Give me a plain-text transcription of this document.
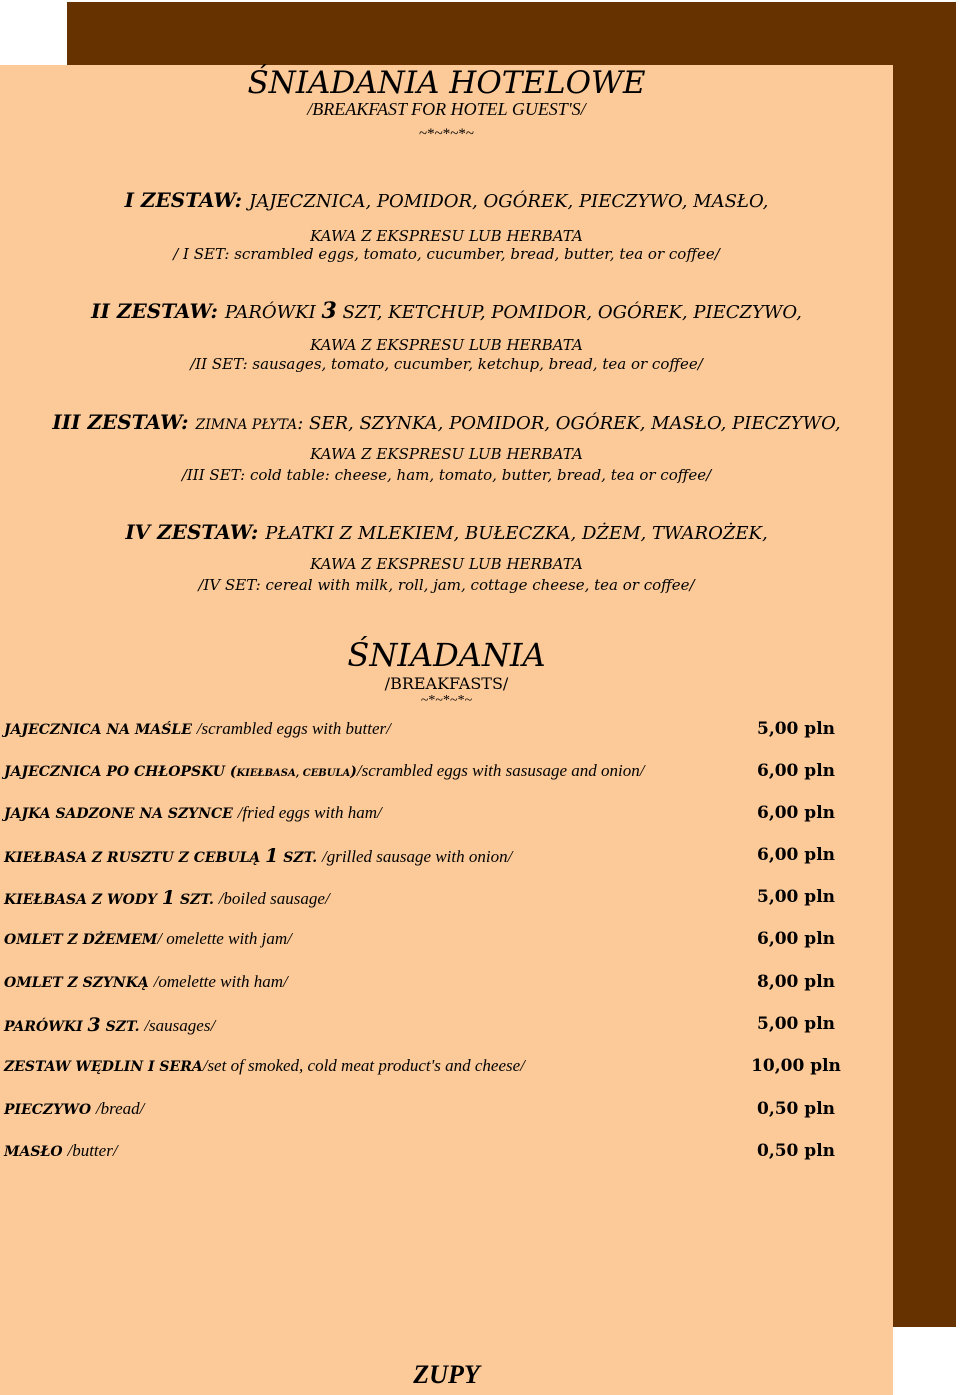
ŚNIADANIA HOTELOWE
/BREAKFAST FOR HOTEL GUEST'S/
~*~*~*~
I ZESTAW: JAJECZNICA, POMIDOR, OGÓREK, PIECZYWO, MASŁO,
KAWA Z EKSPRESU LUB HERBATA
/ I SET: scrambled eggs, tomato, cucumber, bread, butter, tea or coffee/
II ZESTAW: PARÓWKI 3 SZT, KETCHUP, POMIDOR, OGÓREK, PIECZYWO,
KAWA Z EKSPRESU LUB HERBATA
/II SET: sausages, tomato, cucumber, ketchup, bread, tea or coffee/
III ZESTAW: ZIMNA PŁYTA: SER, SZYNKA, POMIDOR, OGÓREK, MASŁO, PIECZYWO,
KAWA Z EKSPRESU LUB HERBATA
/III SET: cold table: cheese, ham, tomato, butter, bread, tea or coffee/
IV ZESTAW: PŁATKI Z MLEKIEM, BUŁECZKA, DŻEM, TWAROŻEK,
KAWA Z EKSPRESU LUB HERBATA
/IV SET: cereal with milk, roll, jam, cottage cheese, tea or coffee/
ŚNIADANIA
/BREAKFASTS/
~*~*~*~
JAJECZNICA NA MAŚLE /scrambled eggs with butter/	5,00 pln
JAJECZNICA PO CHŁOPSKU (KIEŁBASA, CEBULA)/scrambled eggs with sasusage and onion/	6,00 pln
JAJKA SADZONE NA SZYNCE /fried eggs with ham/	6,00 pln
KIEŁBASA Z RUSZTU Z CEBULĄ 1 SZT. /grilled sausage with onion/	6,00 pln
KIEŁBASA Z WODY 1 SZT. /boiled sausage/	5,00 pln
OMLET Z DŻEMEM/ omelette with jam/	6,00 pln
OMLET Z SZYNKĄ /omelette with ham/	8,00 pln
PARÓWKI 3 SZT. /sausages/	5,00 pln
ZESTAW WĘDLIN I SERA/set of smoked, cold meat product's and cheese/	10,00 pln
PIECZYWO /bread/	0,50 pln
MASŁO /butter/	0,50 pln
ZUPY
